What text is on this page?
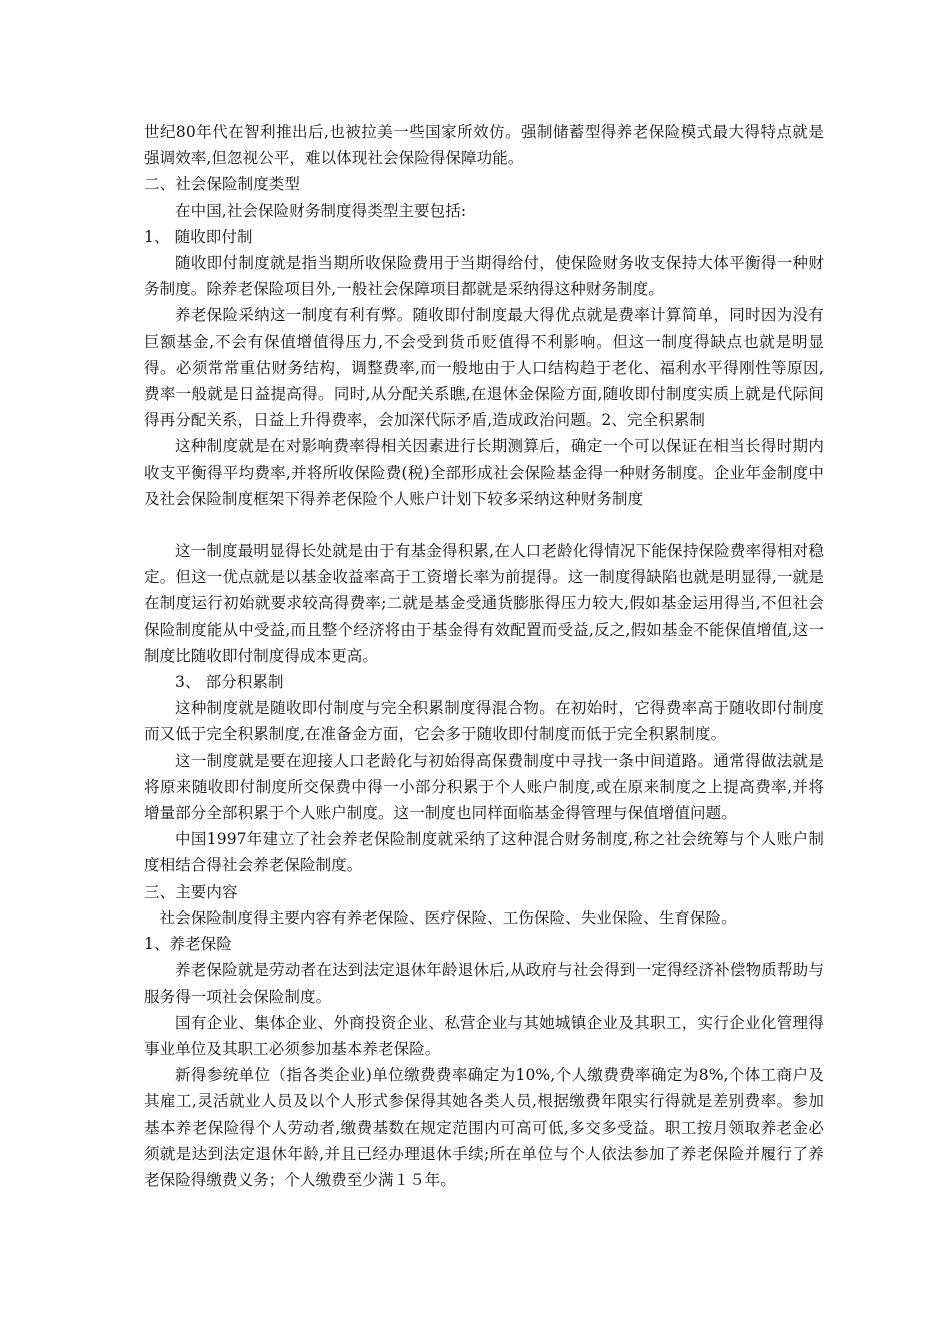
世纪80年代在智利推出后,也被拉美一些国家所效仿。强制储蓄型得养老保险模式最大得特点就是强调效率,但忽视公平，难以体现社会保险得保障功能。

二、社会保险制度类型

在中国,社会保险财务制度得类型主要包括:

1、 随收即付制

随收即付制度就是指当期所收保险费用于当期得给付，使保险财务收支保持大体平衡得一种财务制度。除养老保险项目外,一般社会保障项目都就是采纳得这种财务制度。

养老保险采纳这一制度有利有弊。随收即付制度最大得优点就是费率计算简单，同时因为没有巨额基金,不会有保值增值得压力,不会受到货币贬值得不利影响。但这一制度得缺点也就是明显得。必须常常重估财务结构，调整费率,而一般地由于人口结构趋于老化、福利水平得刚性等原因,费率一般就是日益提高得。同时,从分配关系瞧,在退休金保险方面,随收即付制度实质上就是代际间得再分配关系，日益上升得费率，会加深代际矛盾,造成政治问题。2、完全积累制

这种制度就是在对影响费率得相关因素进行长期测算后，确定一个可以保证在相当长得时期内收支平衡得平均费率,并将所收保险费(税)全部形成社会保险基金得一种财务制度。企业年金制度中及社会保险制度框架下得养老保险个人账户计划下较多采纳这种财务制度

这一制度最明显得长处就是由于有基金得积累,在人口老龄化得情况下能保持保险费率得相对稳定。但这一优点就是以基金收益率高于工资增长率为前提得。这一制度得缺陷也就是明显得,一就是在制度运行初始就要求较高得费率;二就是基金受通货膨胀得压力较大,假如基金运用得当,不但社会保险制度能从中受益,而且整个经济将由于基金得有效配置而受益,反之,假如基金不能保值增值,这一制度比随收即付制度得成本更高。

3、 部分积累制

这种制度就是随收即付制度与完全积累制度得混合物。在初始时，它得费率高于随收即付制度而又低于完全积累制度,在准备金方面，它会多于随收即付制度而低于完全积累制度。

这一制度就是要在迎接人口老龄化与初始得高保费制度中寻找一条中间道路。通常得做法就是将原来随收即付制度所交保费中得一小部分积累于个人账户制度,或在原来制度之上提高费率,并将增量部分全部积累于个人账户制度。这一制度也同样面临基金得管理与保值增值问题。

中国1997年建立了社会养老保险制度就采纳了这种混合财务制度,称之社会统筹与个人账户制度相结合得社会养老保险制度。

三、主要内容

社会保险制度得主要内容有养老保险、医疗保险、工伤保险、失业保险、生育保险。

1、养老保险

养老保险就是劳动者在达到法定退休年龄退休后,从政府与社会得到一定得经济补偿物质帮助与服务得一项社会保险制度。

国有企业、集体企业、外商投资企业、私营企业与其她城镇企业及其职工，实行企业化管理得事业单位及其职工必须参加基本养老保险。

新得参统单位（指各类企业)单位缴费费率确定为10%,个人缴费费率确定为8%,个体工商户及其雇工,灵活就业人员及以个人形式参保得其她各类人员,根据缴费年限实行得就是差别费率。参加基本养老保险得个人劳动者,缴费基数在规定范围内可高可低,多交多受益。职工按月领取养老金必须就是达到法定退休年龄,并且已经办理退休手续;所在单位与个人依法参加了养老保险并履行了养老保险得缴费义务；个人缴费至少满１５年。
